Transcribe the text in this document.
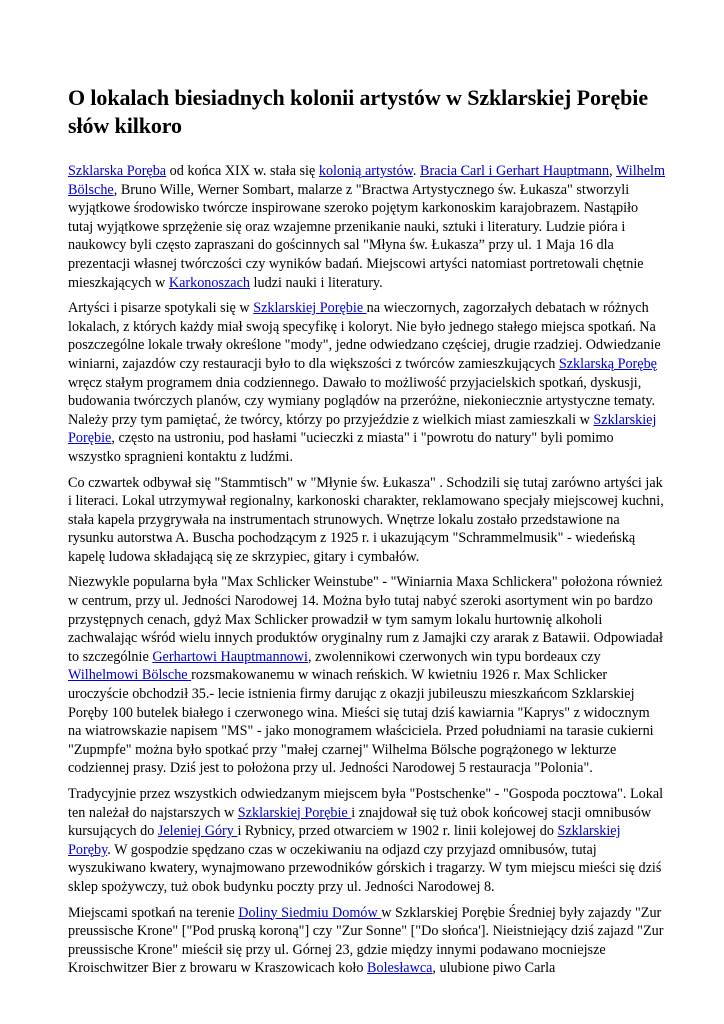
O lokalach biesiadnych kolonii artystów w Szklarskiej Porębie słów kilkoro

Szklarska Poręba od końca XIX w. stała się kolonią artystów. Bracia Carl i Gerhart Hauptmann, Wilhelm Bölsche, Bruno Wille, Werner Sombart, malarze z "Bractwa Artystycznego św. Łukasza" stworzyli wyjątkowe środowisko twórcze inspirowane szeroko pojętym karkonoskim karajobrazem. Nastąpiło tutaj wyjątkowe sprzężenie się oraz wzajemne przenikanie nauki, sztuki i literatury. Ludzie pióra i naukowcy byli często zapraszani do gościnnych sal "Młyna św. Łukasza” przy ul. 1 Maja 16 dla prezentacji własnej twórczości czy wyników badań. Miejscowi artyści natomiast portretowali chętnie mieszkających w Karkonoszach ludzi nauki i literatury.

Artyści i pisarze spotykali się w Szklarskiej Porębie na wieczornych, zagorzałych debatach w różnych lokalach, z których każdy miał swoją specyfikę i koloryt. Nie było jednego stałego miejsca spotkań. Na poszczególne lokale trwały określone "mody", jedne odwiedzano częściej, drugie rzadziej. Odwiedzanie winiarni, zajazdów czy restauracji było to dla większości z twórców zamieszkujących Szklarską Porębę wręcz stałym programem dnia codziennego. Dawało to możliwość przyjacielskich spotkań, dyskusji, budowania twórczych planów, czy wymiany poglądów na przeróżne, niekoniecznie artystyczne tematy. Należy przy tym pamiętać, że twórcy, którzy po przyjeździe z wielkich miast zamieszkali w Szklarskiej Porębie, często na ustroniu, pod hasłami "ucieczki z miasta" i "powrotu do natury" byli pomimo wszystko spragnieni kontaktu z ludźmi.

Co czwartek odbywał się "Stammtisch" w "Młynie św. Łukasza" . Schodzili się tutaj zarówno artyści jak i literaci. Lokal utrzymywał regionalny, karkonoski charakter, reklamowano specjały miejscowej kuchni, stała kapela przygrywała na instrumentach strunowych. Wnętrze lokalu zostało przedstawione na rysunku autorstwa A. Buscha pochodzącym z 1925 r. i ukazującym "Schrammelmusik" - wiedeńską kapelę ludowa składającą się ze skrzypiec, gitary i cymbałów.

Niezwykle popularna była "Max Schlicker Weinstube" - "Winiarnia Maxa Schlickera" położona również w centrum, przy ul. Jedności Narodowej 14. Można było tutaj nabyć szeroki asortyment win po bardzo przystępnych cenach, gdyż Max Schlicker prowadził w tym samym lokalu hurtownię alkoholi zachwalając wśród wielu innych produktów oryginalny rum z Jamajki czy ararak z Batawii. Odpowiadał to szczególnie Gerhartowi Hauptmannowi, zwolennikowi czerwonych win typu bordeaux czy Wilhelmowi Bölsche rozsmakowanemu w winach reńskich. W kwietniu 1926 r. Max Schlicker uroczyście obchodził 35.- lecie istnienia firmy darując z okazji jubileuszu mieszkańcom Szklarskiej Poręby 100 butelek białego i czerwonego wina. Mieści się tutaj dziś kawiarnia "Kaprys" z widocznym na wiatrowskazie napisem "MS" - jako monogramem właściciela. Przed południami na tarasie cukierni "Zupmpfe" można było spotkać przy "małej czarnej" Wilhelma Bölsche pogrążonego w lekturze codziennej prasy. Dziś jest to położona przy ul. Jedności Narodowej 5 restauracja "Polonia".

Tradycyjnie przez wszystkich odwiedzanym miejscem była "Postschenke" - "Gospoda pocztowa". Lokal ten należał do najstarszych w Szklarskiej Porębie i znajdował się tuż obok końcowej stacji omnibusów kursujących do Jeleniej Góry i Rybnicy, przed otwarciem w 1902 r. linii kolejowej do Szklarskiej Poręby. W gospodzie spędzano czas w oczekiwaniu na odjazd czy przyjazd omnibusów, tutaj wyszukiwano kwatery, wynajmowano przewodników górskich i tragarzy. W tym miejscu mieści się dziś sklep spożywczy, tuż obok budynku poczty przy ul. Jedności Narodowej 8.

Miejscami spotkań na terenie Doliny Siedmiu Domów w Szklarskiej Porębie Średniej były zajazdy "Zur preussische Krone" ["Pod pruską koroną"] czy "Zur Sonne" ["Do słońca']. Nieistniejący dziś zajazd "Zur preussische Krone" mieścił się przy ul. Górnej 23, gdzie między innymi podawano mocniejsze Kroischwitzer Bier z browaru w Kraszowicach koło Bolesławca, ulubione piwo Carla
